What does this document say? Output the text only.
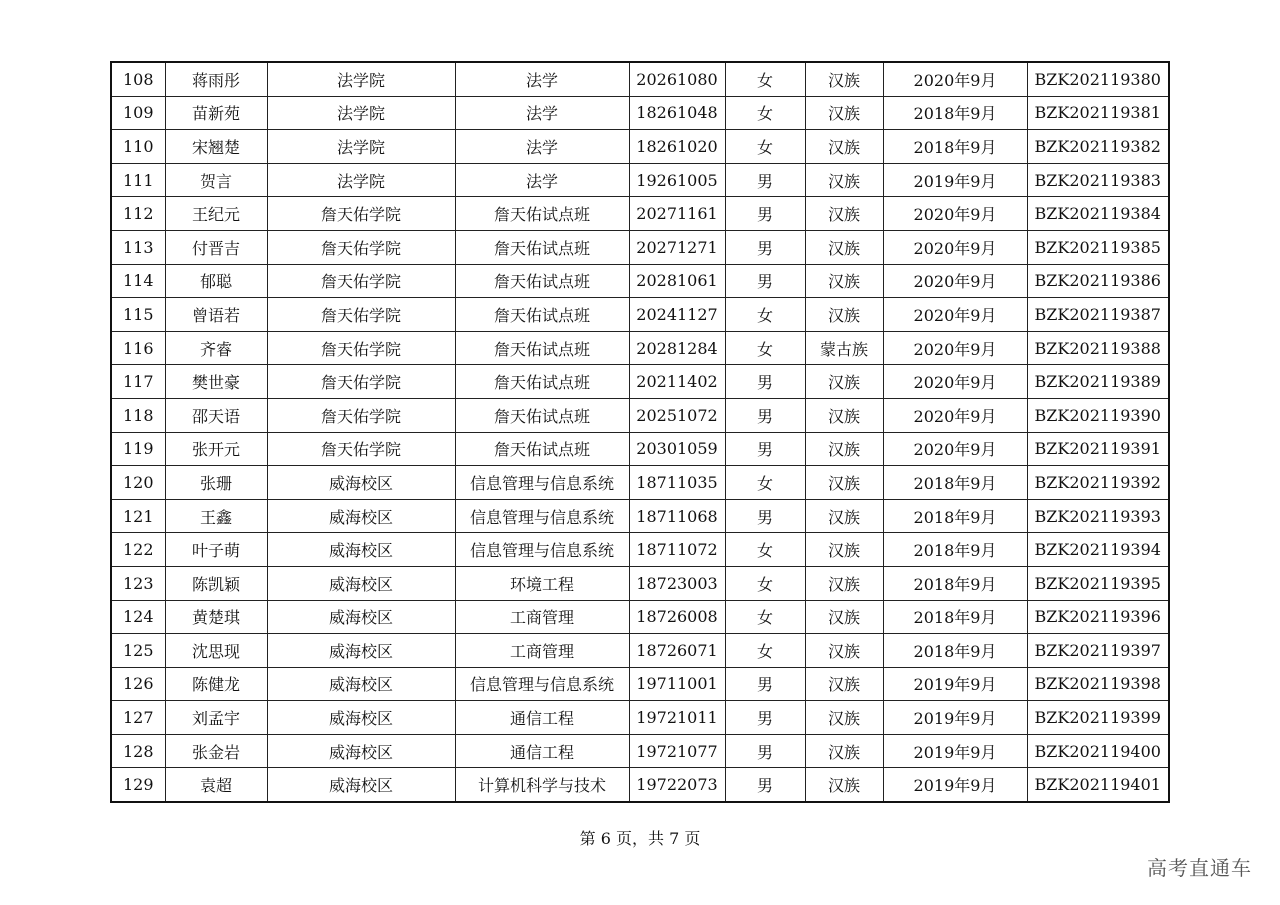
108	蒋雨彤	法学院	法学	20261080	女	汉族	2020年9月	BZK202119380
109	苗新苑	法学院	法学	18261048	女	汉族	2018年9月	BZK202119381
110	宋翘楚	法学院	法学	18261020	女	汉族	2018年9月	BZK202119382
111	贺言	法学院	法学	19261005	男	汉族	2019年9月	BZK202119383
112	王纪元	詹天佑学院	詹天佑试点班	20271161	男	汉族	2020年9月	BZK202119384
113	付晋吉	詹天佑学院	詹天佑试点班	20271271	男	汉族	2020年9月	BZK202119385
114	郁聪	詹天佑学院	詹天佑试点班	20281061	男	汉族	2020年9月	BZK202119386
115	曾语若	詹天佑学院	詹天佑试点班	20241127	女	汉族	2020年9月	BZK202119387
116	齐睿	詹天佑学院	詹天佑试点班	20281284	女	蒙古族	2020年9月	BZK202119388
117	樊世豪	詹天佑学院	詹天佑试点班	20211402	男	汉族	2020年9月	BZK202119389
118	邵天语	詹天佑学院	詹天佑试点班	20251072	男	汉族	2020年9月	BZK202119390
119	张开元	詹天佑学院	詹天佑试点班	20301059	男	汉族	2020年9月	BZK202119391
120	张珊	威海校区	信息管理与信息系统	18711035	女	汉族	2018年9月	BZK202119392
121	王鑫	威海校区	信息管理与信息系统	18711068	男	汉族	2018年9月	BZK202119393
122	叶子萌	威海校区	信息管理与信息系统	18711072	女	汉族	2018年9月	BZK202119394
123	陈凯颖	威海校区	环境工程	18723003	女	汉族	2018年9月	BZK202119395
124	黄楚琪	威海校区	工商管理	18726008	女	汉族	2018年9月	BZK202119396
125	沈思现	威海校区	工商管理	18726071	女	汉族	2018年9月	BZK202119397
126	陈健龙	威海校区	信息管理与信息系统	19711001	男	汉族	2019年9月	BZK202119398
127	刘孟宇	威海校区	通信工程	19721011	男	汉族	2019年9月	BZK202119399
128	张金岩	威海校区	通信工程	19721077	男	汉族	2019年9月	BZK202119400
129	袁超	威海校区	计算机科学与技术	19722073	男	汉族	2019年9月	BZK202119401
第 6 页，共 7 页
高考直通车
